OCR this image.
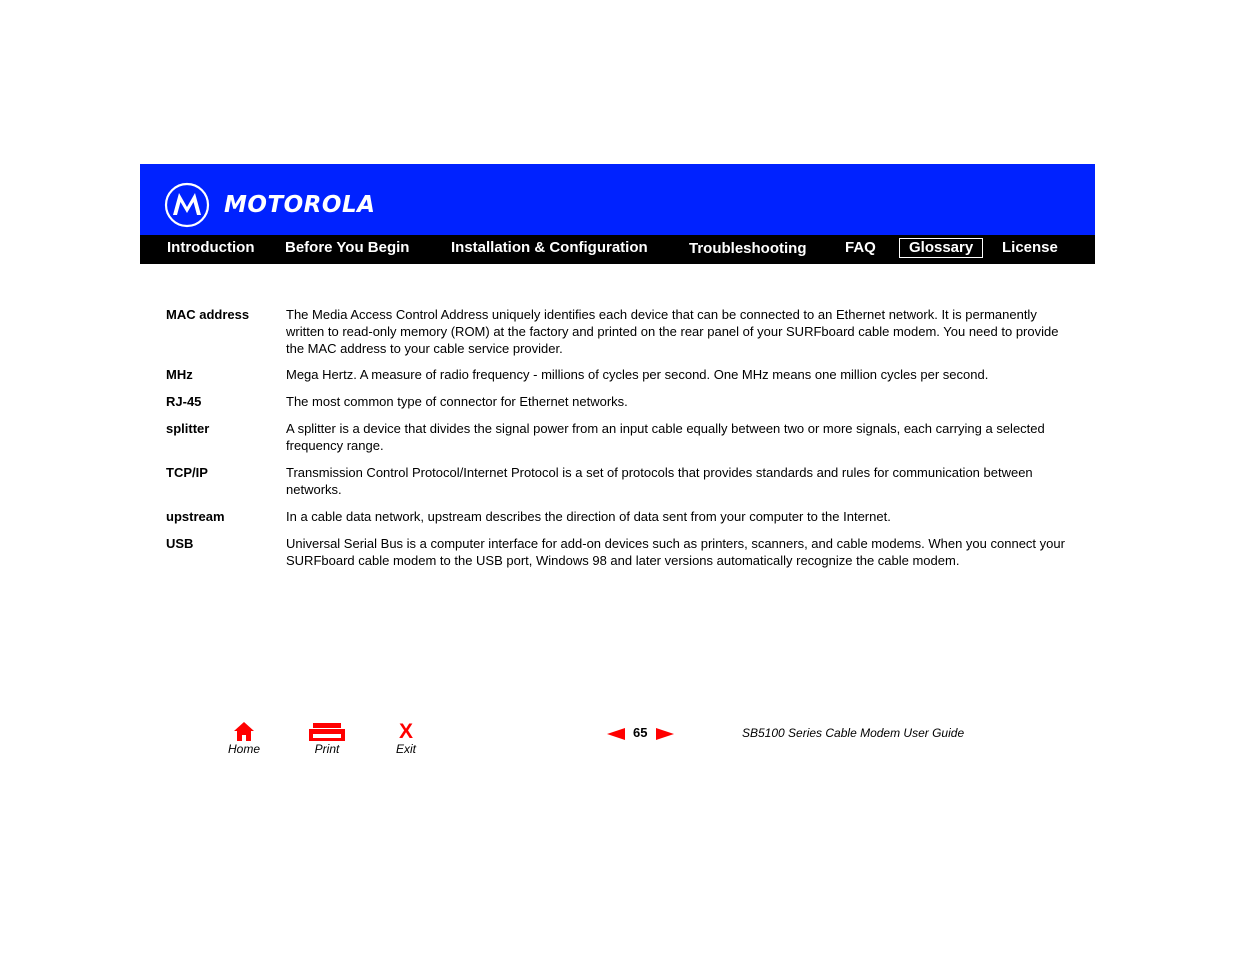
MOTOROLA
Introduction Before You Begin	Installation & Configuration	Troubleshooting	FAQ	Glossary	License
MAC address	The Media Access Control Address uniquely identifies each device that can be connected to an Ethernet network. It is permanently written to read-only memory (ROM) at the factory and printed on the rear panel of your SURFboard cable modem. You need to provide the MAC address to your cable service provider.
MHz	Mega Hertz. A measure of radio frequency - millions of cycles per second. One MHz means one million cycles per second.
RJ-45	The most common type of connector for Ethernet networks.
splitter	A splitter is a device that divides the signal power from an input cable equally between two or more signals, each carrying a selected frequency range.
TCP/IP	Transmission Control Protocol/Internet Protocol is a set of protocols that provides standards and rules for communication between networks.
upstream	In a cable data network, upstream describes the direction of data sent from your computer to the Internet.
USB	Universal Serial Bus is a computer interface for add-on devices such as printers, scanners, and cable modems. When you connect your SURFboard cable modem to the USB port, Windows 98 and later versions automatically recognize the cable modem.
Home	Print
X
Exit
65	SB5100 Series Cable Modem User Guide
